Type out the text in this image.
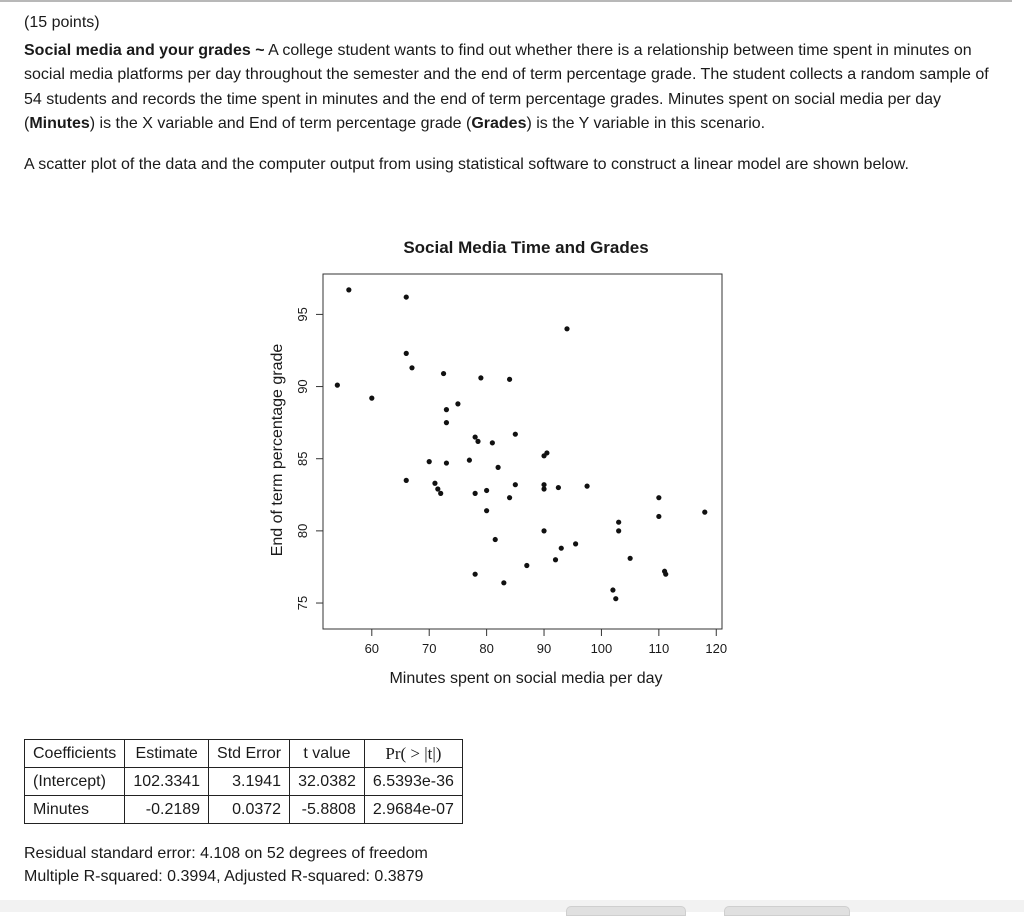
(15 points)

Social media and your grades ~ A college student wants to find out whether there is a relationship between time spent in minutes on social media platforms per day throughout the semester and the end of term percentage grade. The student collects a random sample of 54 students and records the time spent in minutes and the end of term percentage grades. Minutes spent on social media per day (Minutes) is the X variable and End of term percentage grade (Grades) is the Y variable in this scenario.

A scatter plot of the data and the computer output from using statistical software to construct a linear model are shown below.

Social Media Time and Grades
60	70	80	90	100	110	120
75
80
85
90
95
Minutes spent on social media per day
End of term percentage grade
Coefficients	Estimate	Std Error	t value	Pr( > |t|)
(Intercept)	102.3341	3.1941	32.0382	6.5393e-36
Minutes	-0.2189	0.0372	-5.8808	2.9684e-07

Residual standard error: 4.108 on 52 degrees of freedom

Multiple R-squared: 0.3994, Adjusted R-squared: 0.3879
